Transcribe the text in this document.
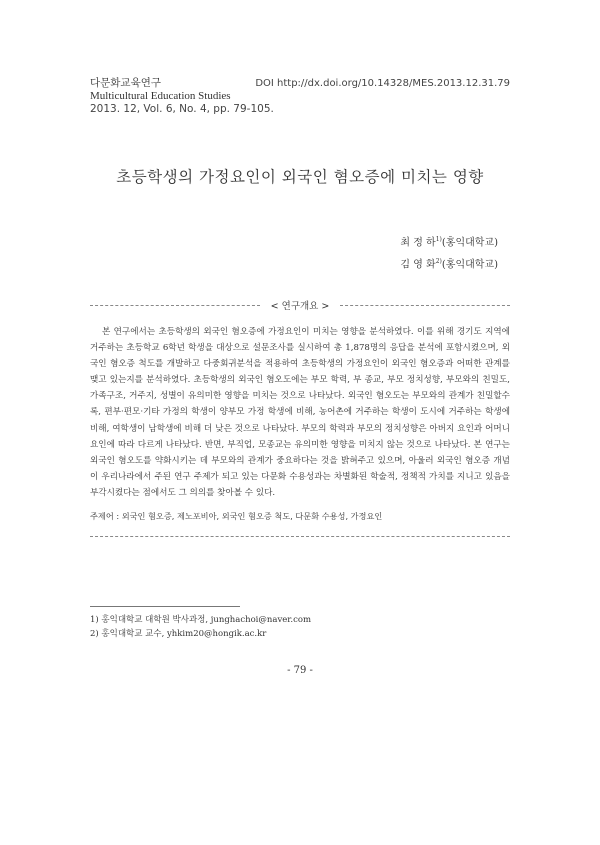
다문화교육연구
Multicultural Education Studies
2013. 12, Vol. 6, No. 4, pp. 79-105.
DOI http://dx.doi.org/10.14328/MES.2013.12.31.79
초등학생의 가정요인이 외국인 혐오증에 미치는 영향
최 정 하$^{1)}$(홍익대학교)
김 영 화$^{2)}$(홍익대학교)
< 연구개요 >
본 연구에서는 초등학생의 외국인 혐오증에 가정요인이 미치는 영향을 분석하였다. 이를 위해 경기도 지역에 거주하는 초등학교 6학년 학생을 대상으로 설문조사를 실시하여 총 1,878명의 응답을 분석에 포함시켰으며, 외국인 혐오증 척도를 개발하고 다중회귀분석을 적용하여 초등학생의 가정요인이 외국인 혐오증과 어떠한 관계를 맺고 있는지를 분석하였다. 초등학생의 외국인 혐오도에는 부모 학력, 부 종교, 부모 정치성향, 부모와의 친밀도, 가족구조, 거주지, 성별이 유의미한 영향을 미치는 것으로 나타났다. 외국인 혐오도는 부모와의 관계가 친밀할수록, 편부·편모·기타 가정의 학생이 양부모 가정 학생에 비해, 농어촌에 거주하는 학생이 도시에 거주하는 학생에 비해, 여학생이 남학생에 비해 더 낮은 것으로 나타났다. 부모의 학력과 부모의 정치성향은 아버지 요인과 어머니 요인에 따라 다르게 나타났다. 반면, 부직업, 모종교는 유의미한 영향을 미치지 않는 것으로 나타났다. 본 연구는 외국인 혐오도를 약화시키는 데 부모와의 관계가 중요하다는 것을 밝혀주고 있으며, 아울러 외국인 혐오증 개념이 우리나라에서 주된 연구 주제가 되고 있는 다문화 수용성과는 차별화된 학술적, 정책적 가치를 지니고 있음을 부각시켰다는 점에서도 그 의의를 찾아볼 수 있다.
주제어 : 외국인 혐오증, 제노포비아, 외국인 혐오증 척도, 다문화 수용성, 가정요인
1) 홍익대학교 대학원 박사과정, junghachoi@naver.com
2) 홍익대학교 교수, yhkim20@hongik.ac.kr
- 79 -
